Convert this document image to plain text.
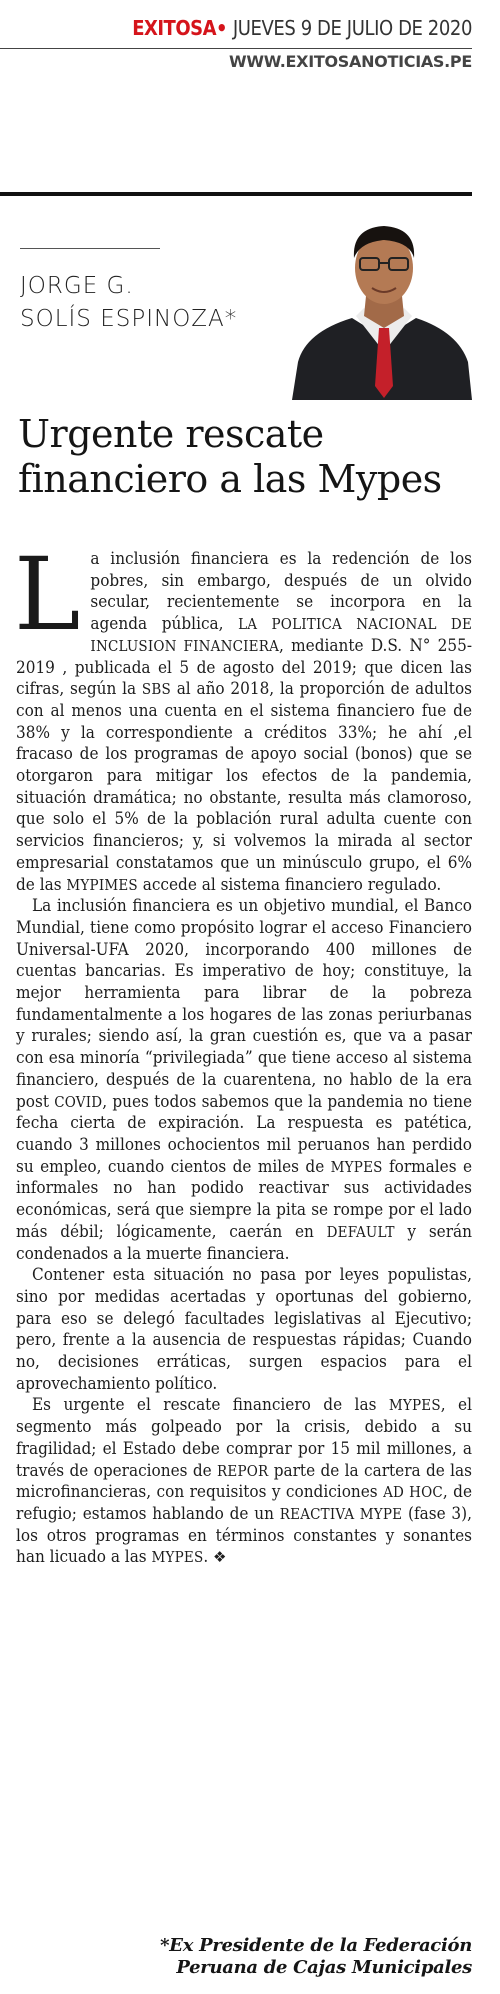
EXITOSA• JUEVES 9 DE JULIO DE 2020
WWW.EXITOSANOTICIAS.PE
JORGE G.
SOLÍS ESPINOZA*
Urgente rescate
financiero a las Mypes

La inclusión financiera es la redención de los pobres, sin embargo, después de un olvido secular, recientemente se incorpora en la agenda pública, LA POLITICA NACIONAL DE INCLUSION FINANCIERA, mediante D.S. N° 255-2019 , publicada el 5 de agosto del 2019; que dicen las cifras, según la SBS al año 2018, la proporción de adultos con al menos una cuenta en el sistema financiero fue de 38% y la correspondiente a créditos 33%; he ahí ,el fracaso de los programas de apoyo social (bonos) que se otorgaron para mitigar los efectos de la pandemia, situación dramática; no obstante, resulta más clamoroso, que solo el 5% de la población rural adulta cuente con servicios financieros; y, si volvemos la mirada al sector empresarial constatamos que un minúsculo grupo, el 6% de las MYPIMES accede al sistema financiero regulado.

La inclusión financiera es un objetivo mundial, el Banco Mundial, tiene como propósito lograr el acceso Financiero Universal-UFA 2020, incorporando 400 millones de cuentas bancarias. Es imperativo de hoy; constituye, la mejor herramienta para librar de la pobreza fundamentalmente a los hogares de las zonas periurbanas y rurales; siendo así, la gran cuestión es, que va a pasar con esa minoría “privilegiada” que tiene acceso al sistema financiero, después de la cuarentena, no hablo de la era post COVID, pues todos sabemos que la pandemia no tiene fecha cierta de expiración. La respuesta es patética, cuando 3 millones ochocientos mil peruanos han perdido su empleo, cuando cientos de miles de MYPES formales e informales no han podido reactivar sus actividades económicas, será que siempre la pita se rompe por el lado más débil; lógicamente, caerán en DEFAULT y serán condenados a la muerte financiera.

Contener esta situación no pasa por leyes populistas, sino por medidas acertadas y oportunas del gobierno, para eso se delegó facultades legislativas al Ejecutivo; pero, frente a la ausencia de respuestas rápidas; Cuando no, decisiones erráticas, surgen espacios para el aprovechamiento político.

Es urgente el rescate financiero de las MYPES, el segmento más golpeado por la crisis, debido a su fragilidad; el Estado debe comprar por 15 mil millones, a través de operaciones de REPOR parte de la cartera de las microfinancieras, con requisitos y condiciones AD HOC, de refugio; estamos hablando de un REACTIVA MYPE (fase 3), los otros programas en términos constantes y sonantes han licuado a las MYPES. ❖

*Ex Presidente de la Federación
Peruana de Cajas Municipales
